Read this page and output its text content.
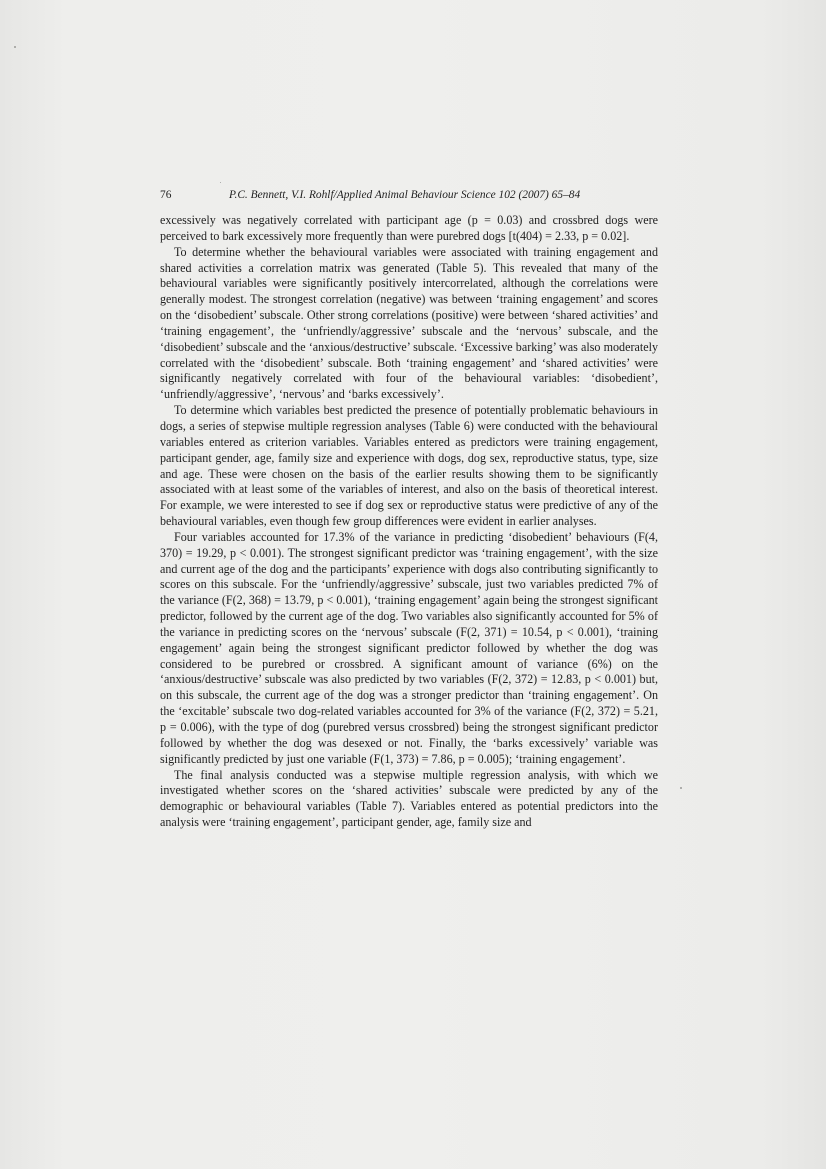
76	P.C. Bennett, V.I. Rohlf/Applied Animal Behaviour Science 102 (2007) 65–84

excessively was negatively correlated with participant age (p = 0.03) and crossbred dogs were perceived to bark excessively more frequently than were purebred dogs [t(404) = 2.33, p = 0.02].

To determine whether the behavioural variables were associated with training engagement and shared activities a correlation matrix was generated (Table 5). This revealed that many of the behavioural variables were significantly positively intercorrelated, although the correlations were generally modest. The strongest correlation (negative) was between ‘training engagement’ and scores on the ‘disobedient’ subscale. Other strong correlations (positive) were between ‘shared activities’ and ‘training engagement’, the ‘unfriendly/aggressive’ subscale and the ‘nervous’ subscale, and the ‘disobedient’ subscale and the ‘anxious/destructive’ subscale. ‘Excessive barking’ was also moderately correlated with the ‘disobedient’ subscale. Both ‘training engagement’ and ‘shared activities’ were significantly negatively correlated with four of the behavioural variables: ‘disobedient’, ‘unfriendly/aggressive’, ‘nervous’ and ‘barks excessively’.

To determine which variables best predicted the presence of potentially problematic behaviours in dogs, a series of stepwise multiple regression analyses (Table 6) were conducted with the behavioural variables entered as criterion variables. Variables entered as predictors were training engagement, participant gender, age, family size and experience with dogs, dog sex, reproductive status, type, size and age. These were chosen on the basis of the earlier results showing them to be significantly associated with at least some of the variables of interest, and also on the basis of theoretical interest. For example, we were interested to see if dog sex or reproductive status were predictive of any of the behavioural variables, even though few group differences were evident in earlier analyses.

Four variables accounted for 17.3% of the variance in predicting ‘disobedient’ behaviours (F(4, 370) = 19.29, p < 0.001). The strongest significant predictor was ‘training engagement’, with the size and current age of the dog and the participants’ experience with dogs also contributing significantly to scores on this subscale. For the ‘unfriendly/aggressive’ subscale, just two variables predicted 7% of the variance (F(2, 368) = 13.79, p < 0.001), ‘training engagement’ again being the strongest significant predictor, followed by the current age of the dog. Two variables also significantly accounted for 5% of the variance in predicting scores on the ‘nervous’ subscale (F(2, 371) = 10.54, p < 0.001), ‘training engagement’ again being the strongest significant predictor followed by whether the dog was considered to be purebred or crossbred. A significant amount of variance (6%) on the ‘anxious/destructive’ subscale was also predicted by two variables (F(2, 372) = 12.83, p < 0.001) but, on this subscale, the current age of the dog was a stronger predictor than ‘training engagement’. On the ‘excitable’ subscale two dog-related variables accounted for 3% of the variance (F(2, 372) = 5.21, p = 0.006), with the type of dog (purebred versus crossbred) being the strongest significant predictor followed by whether the dog was desexed or not. Finally, the ‘barks excessively’ variable was significantly predicted by just one variable (F(1, 373) = 7.86, p = 0.005); ‘training engagement’.

The final analysis conducted was a stepwise multiple regression analysis, with which we investigated whether scores on the ‘shared activities’ subscale were predicted by any of the demographic or behavioural variables (Table 7). Variables entered as potential predictors into the analysis were ‘training engagement’, participant gender, age, family size and
